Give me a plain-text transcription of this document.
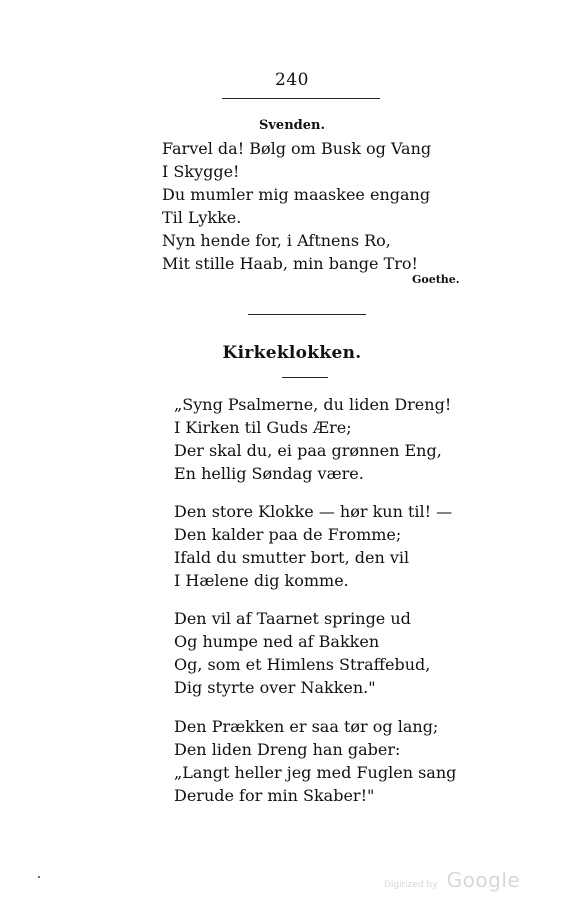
240
Svenden.
Farvel da! Bølg om Busk og Vang
I Skygge!
Du mumler mig maaskee engang
Til Lykke.
Nyn hende for, i Aftnens Ro,
Mit stille Haab, min bange Tro!
Goethe.
Kirkeklokken.
„Syng Psalmerne, du liden Dreng!
I Kirken til Guds Ære;
Der skal du, ei paa grønnen Eng,
En hellig Søndag være.
Den store Klokke — hør kun til! —
Den kalder paa de Fromme;
Ifald du smutter bort, den vil
I Hælene dig komme.
Den vil af Taarnet springe ud
Og humpe ned af Bakken
Og, som et Himlens Straffebud,
Dig styrte over Nakken."
Den Prækken er saa tør og lang;
Den liden Dreng han gaber:
„Langt heller jeg med Fuglen sang
Derude for min Skaber!"
Digitized by Google
